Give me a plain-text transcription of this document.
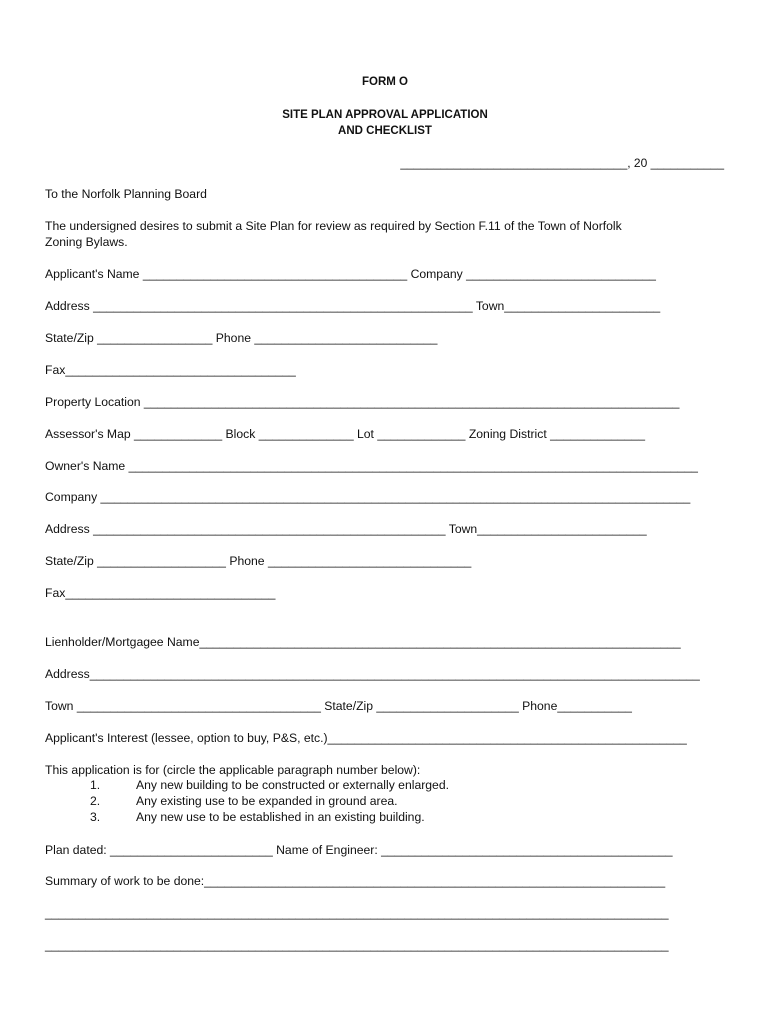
FORM O
SITE PLAN APPROVAL APPLICATION
AND CHECKLIST
__________________________________, 20 ___________
To the Norfolk Planning Board
The undersigned desires to submit a Site Plan for review as required by Section F.11 of the Town of Norfolk
Zoning Bylaws.
Applicant's Name _______________________________________ Company ____________________________
Address ________________________________________________________ Town_______________________
State/Zip _________________ Phone ___________________________
Fax__________________________________
Property Location _______________________________________________________________________________
Assessor's Map _____________ Block ______________ Lot _____________ Zoning District ______________
Owner's Name ____________________________________________________________________________________
Company _______________________________________________________________________________________
Address ____________________________________________________ Town_________________________
State/Zip ___________________ Phone ______________________________
Fax_______________________________
Lienholder/Mortgagee Name_______________________________________________________________________
Address__________________________________________________________________________________________
Town ____________________________________ State/Zip _____________________ Phone___________
Applicant's Interest (lessee, option to buy, P&S, etc.)_____________________________________________________
This application is for (circle the applicable paragraph number below):
1.	Any new building to be constructed or externally enlarged.
2.	Any existing use to be expanded in ground area.
3.	Any new use to be established in an existing building.
Plan dated: ________________________ Name of Engineer: ___________________________________________
Summary of work to be done:____________________________________________________________________
____________________________________________________________________________________________
____________________________________________________________________________________________
